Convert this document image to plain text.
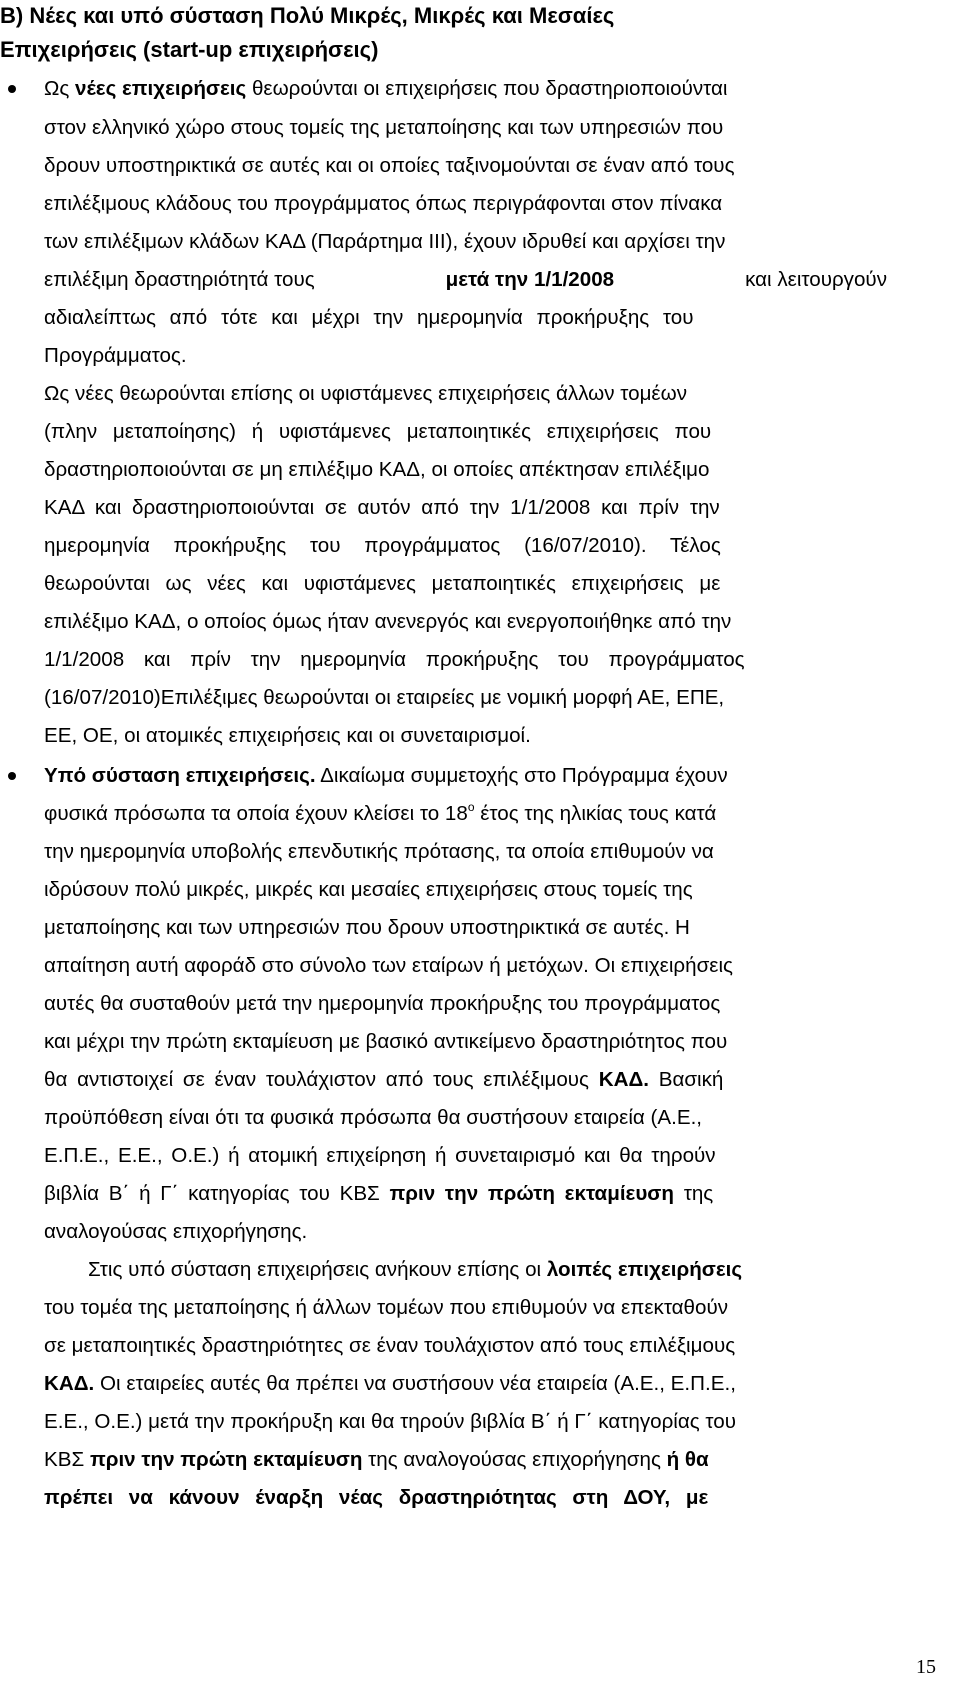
B) Νέες και υπό σύσταση Πολύ Μικρές, Μικρές και Μεσαίες
Επιχειρήσεις (start-up επιχειρήσεις)
Ως νέες επιχειρήσεις θεωρούνται οι επιχειρήσεις που δραστηριοποιούνται
στον ελληνικό χώρο στους τομείς της μεταποίησης και των υπηρεσιών που
δρουν υποστηρικτικά σε αυτές και οι οποίες ταξινομούνται σε έναν από τους
επιλέξιμους κλάδους του προγράμματος όπως περιγράφονται στον πίνακα
των επιλέξιμων κλάδων ΚΑΔ (Παράρτημα ΙΙΙ), έχουν ιδρυθεί και αρχίσει την
επιλέξιμη δραστηριότητά τους	μετά την 1/1/2008	και λειτουργούν
αδιαλείπτως από τότε και μέχρι την ημερομηνία προκήρυξης του
Προγράμματος.
Ως νέες θεωρούνται επίσης οι υφιστάμενες επιχειρήσεις άλλων τομέων
(πλην μεταποίησης) ή υφιστάμενες μεταποιητικές επιχειρήσεις που
δραστηριοποιούνται σε μη επιλέξιμο ΚΑΔ, οι οποίες απέκτησαν επιλέξιμο
ΚΑΔ και δραστηριοποιούνται σε αυτόν από την 1/1/2008 και πρίν την
ημερομηνία προκήρυξης του προγράμματος (16/07/2010). Τέλος
θεωρούνται ως νέες και υφιστάμενες μεταποιητικές επιχειρήσεις με
επιλέξιμο ΚΑΔ, ο οποίος όμως ήταν ανενεργός και ενεργοποιήθηκε από την
1/1/2008 και πρίν την ημερομηνία προκήρυξης του προγράμματος
(16/07/2010)Επιλέξιμες θεωρούνται οι εταιρείες με νομική μορφή ΑΕ, ΕΠΕ,
ΕΕ, ΟΕ, οι ατομικές επιχειρήσεις και οι συνεταιρισμοί.
Υπό σύσταση επιχειρήσεις. Δικαίωμα συμμετοχής στο Πρόγραμμα έχουν
φυσικά πρόσωπα τα οποία έχουν κλείσει το $18^o$ έτος της ηλικίας τους κατά
την ημερομηνία υποβολής επενδυτικής πρότασης, τα οποία επιθυμούν να
ιδρύσουν πολύ μικρές, μικρές και μεσαίες επιχειρήσεις στους τομείς της
μεταποίησης και των υπηρεσιών που δρουν υποστηρικτικά σε αυτές. Η
απαίτηση αυτή αφοράδ στο σύνολο των εταίρων ή μετόχων. Οι επιχειρήσεις
αυτές θα συσταθούν μετά την ημερομηνία προκήρυξης του προγράμματος
και μέχρι την πρώτη εκταμίευση με βασικό αντικείμενο δραστηριότητος που
θα αντιστοιχεί σε έναν τουλάχιστον από τους επιλέξιμους ΚΑΔ. Βασική
προϋπόθεση είναι ότι τα φυσικά πρόσωπα θα συστήσουν εταιρεία (Α.Ε.,
Ε.Π.Ε., Ε.Ε., Ο.Ε.) ή ατομική επιχείρηση ή συνεταιρισμό και θα τηρούν
βιβλία Β΄ ή Γ΄ κατηγορίας του ΚΒΣ πριν την πρώτη εκταμίευση της
αναλογούσας επιχορήγησης.
Στις υπό σύσταση επιχειρήσεις ανήκουν επίσης οι λοιπές επιχειρήσεις
του τομέα της μεταποίησης ή άλλων τομέων που επιθυμούν να επεκταθούν
σε μεταποιητικές δραστηριότητες σε έναν τουλάχιστον από τους επιλέξιμους
ΚΑΔ. Οι εταιρείες αυτές θα πρέπει να συστήσουν νέα εταιρεία (Α.Ε., Ε.Π.Ε.,
Ε.Ε., Ο.Ε.) μετά την προκήρυξη και θα τηρούν βιβλία Β΄ ή Γ΄ κατηγορίας του
ΚΒΣ πριν την πρώτη εκταμίευση της αναλογούσας επιχορήγησης ή θα
πρέπει να κάνουν έναρξη νέας δραστηριότητας στη ΔΟΥ, με
15
